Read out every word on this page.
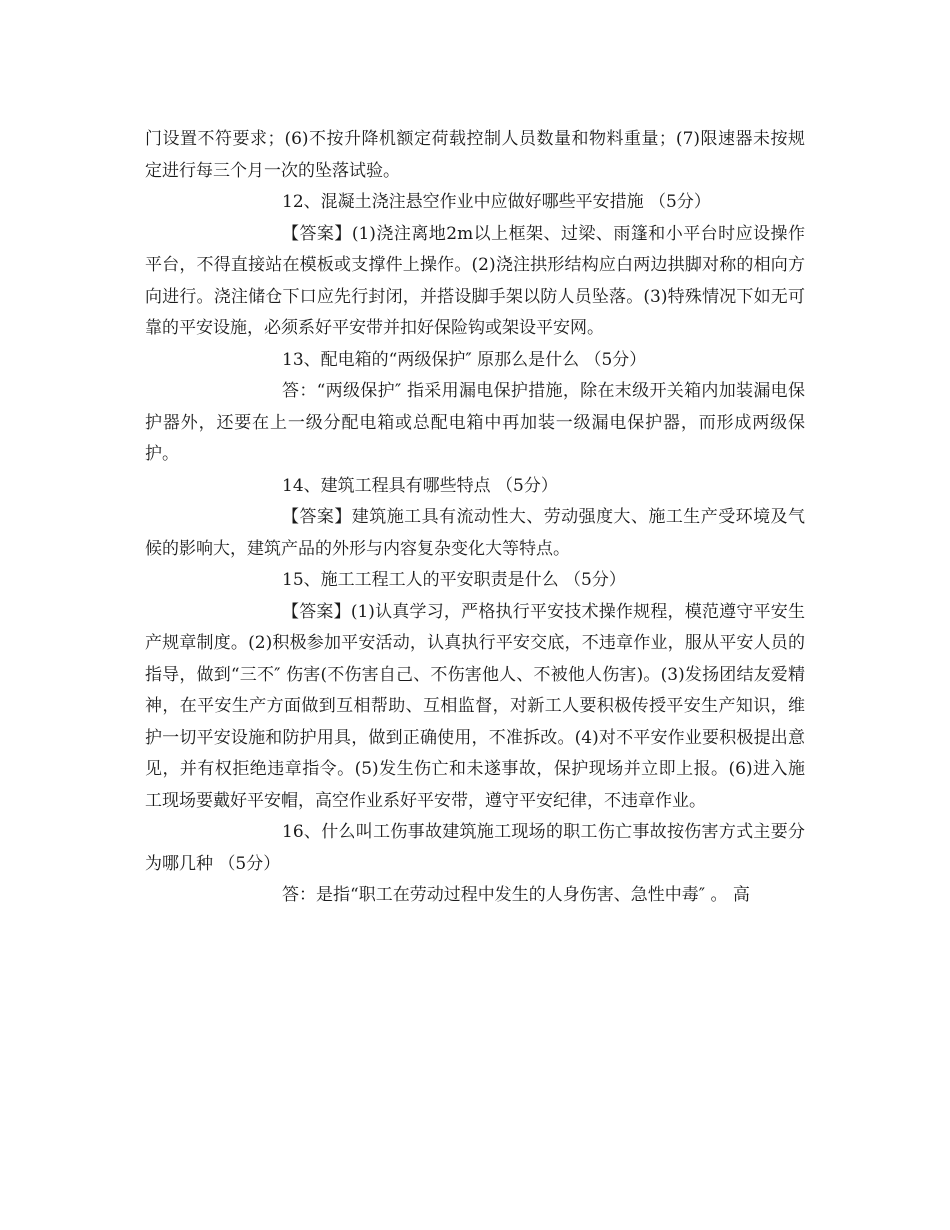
门设置不符要求；(6)不按升降机额定荷载控制人员数量和物料重量；(7)限速器未按规定进行每三个月一次的坠落试验。

12、混凝土浇注悬空作业中应做好哪些平安措施 （5分）

【答案】(1)浇注离地2m以上框架、过梁、雨篷和小平台时应设操作平台，不得直接站在模板或支撑件上操作。(2)浇注拱形结构应白两边拱脚对称的相向方向进行。浇注储仓下口应先行封闭，并搭设脚手架以防人员坠落。(3)特殊情况下如无可靠的平安设施，必须系好平安带并扣好保险钩或架设平安网。

13、配电箱的“两级保护″ 原那么是什么 （5分）

答：“两级保护″ 指采用漏电保护措施，除在末级开关箱内加装漏电保护器外，还要在上一级分配电箱或总配电箱中再加装一级漏电保护器，而形成两级保护。

14、建筑工程具有哪些特点 （5分）

【答案】建筑施工具有流动性大、劳动强度大、施工生产受环境及气候的影响大，建筑产品的外形与内容复杂变化大等特点。

15、施工工程工人的平安职责是什么 （5分）

【答案】(1)认真学习，严格执行平安技术操作规程，模范遵守平安生产规章制度。(2)积极参加平安活动，认真执行平安交底，不违章作业，服从平安人员的指导，做到“三不″ 伤害(不伤害自己、不伤害他人、不被他人伤害)。(3)发扬团结友爱精神，在平安生产方面做到互相帮助、互相监督，对新工人要积极传授平安生产知识，维护一切平安设施和防护用具，做到正确使用，不准拆改。(4)对不平安作业要积极提出意见，并有权拒绝违章指令。(5)发生伤亡和未遂事故，保护现场并立即上报。(6)进入施工现场要戴好平安帽，高空作业系好平安带，遵守平安纪律，不违章作业。

16、什么叫工伤事故建筑施工现场的职工伤亡事故按伤害方式主要分为哪几种 （5分）

答：是指“职工在劳动过程中发生的人身伤害、急性中毒″ 。 高
